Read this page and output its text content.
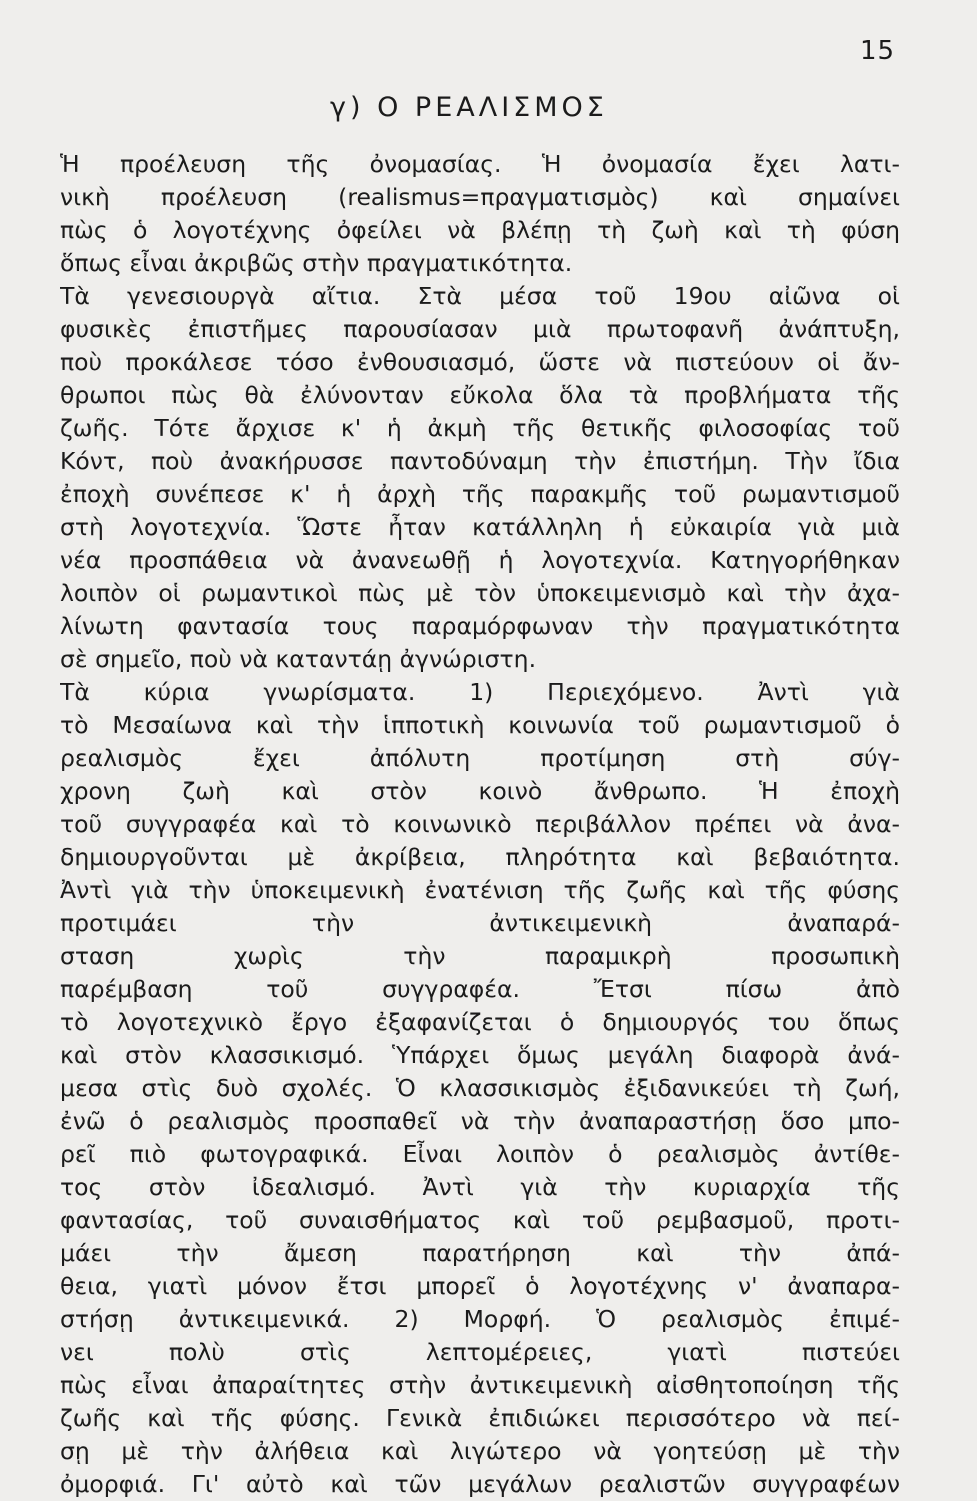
15
γ) Ο ΡΕΑΛΙΣΜΟΣ
Ἡ προέλευση τῆς ὀνομασίας. Ἡ ὀνομασία ἔχει λατι-
νικὴ προέλευση (realismus=πραγματισμὸς) καὶ σημαίνει
πὼς ὁ λογοτέχνης ὀφείλει νὰ βλέπῃ τὴ ζωὴ καὶ τὴ φύση
ὅπως εἶναι ἀκριβῶς στὴν πραγματικότητα.
Τὰ γενεσιουργὰ αἴτια. Στὰ μέσα τοῦ 19ου αἰῶνα οἱ
φυσικὲς ἐπιστῆμες παρουσίασαν μιὰ πρωτοφανῆ ἀνάπτυξη,
ποὺ προκάλεσε τόσο ἐνθουσιασμό, ὥστε νὰ πιστεύουν οἱ ἄν-
θρωποι πὼς θὰ ἐλύνονταν εὔκολα ὅλα τὰ προβλήματα τῆς
ζωῆς. Τότε ἄρχισε κ' ἡ ἀκμὴ τῆς θετικῆς φιλοσοφίας τοῦ
Κόντ, ποὺ ἀνακήρυσσε παντοδύναμη τὴν ἐπιστήμη. Τὴν ἴδια
ἐποχὴ συνέπεσε κ' ἡ ἀρχὴ τῆς παρακμῆς τοῦ ρωμαντισμοῦ
στὴ λογοτεχνία. Ὥστε ἦταν κατάλληλη ἡ εὐκαιρία γιὰ μιὰ
νέα προσπάθεια νὰ ἀνανεωθῇ ἡ λογοτεχνία. Κατηγορήθηκαν
λοιπὸν οἱ ρωμαντικοὶ πὼς μὲ τὸν ὑποκειμενισμὸ καὶ τὴν ἀχα-
λίνωτη φαντασία τους παραμόρφωναν τὴν πραγματικότητα
σὲ σημεῖο, ποὺ νὰ καταντάῃ ἀγνώριστη.
Τὰ κύρια γνωρίσματα. 1) Περιεχόμενο. Ἀντὶ γιὰ
τὸ Μεσαίωνα καὶ τὴν ἱπποτικὴ κοινωνία τοῦ ρωμαντισμοῦ ὁ
ρεαλισμὸς ἔχει ἀπόλυτη προτίμηση στὴ σύγ-
χρονη ζωὴ καὶ στὸν κοινὸ ἄνθρωπο. Ἡ ἐποχὴ
τοῦ συγγραφέα καὶ τὸ κοινωνικὸ περιβάλλον πρέπει νὰ ἀνα-
δημιουργοῦνται μὲ ἀκρίβεια, πληρότητα καὶ βεβαιότητα.
Ἀντὶ γιὰ τὴν ὑποκειμενικὴ ἐνατένιση τῆς ζωῆς καὶ τῆς φύσης
προτιμάει τὴν ἀντικειμενικὴ ἀναπαρά-
σταση χωρὶς τὴν παραμικρὴ προσωπικὴ
παρέμβαση τοῦ συγγραφέα. Ἔτσι πίσω ἀπὸ
τὸ λογοτεχνικὸ ἔργο ἐξαφανίζεται ὁ δημιουργός του ὅπως
καὶ στὸν κλασσικισμό. Ὑπάρχει ὅμως μεγάλη διαφορὰ ἀνά-
μεσα στὶς δυὸ σχολές. Ὁ κλασσικισμὸς ἐξιδανικεύει τὴ ζωή,
ἐνῶ ὁ ρεαλισμὸς προσπαθεῖ νὰ τὴν ἀναπαραστήσῃ ὅσο μπο-
ρεῖ πιὸ φωτογραφικά. Εἶναι λοιπὸν ὁ ρεαλισμὸς ἀντίθε-
τος στὸν ἰδεαλισμό. Ἀντὶ γιὰ τὴν κυριαρχία τῆς
φαντασίας, τοῦ συναισθήματος καὶ τοῦ ρεμβασμοῦ, προτι-
μάει τὴν ἄμεση παρατήρηση καὶ τὴν ἀπά-
θεια, γιατὶ μόνον ἔτσι μπορεῖ ὁ λογοτέχνης ν' ἀναπαρα-
στήσῃ ἀντικειμενικά. 2) Μορφή. Ὁ ρεαλισμὸς ἐπιμέ-
νει πολὺ στὶς λεπτομέρειες, γιατὶ πιστεύει
πὼς εἶναι ἀπαραίτητες στὴν ἀντικειμενικὴ αἰσθητοποίηση τῆς
ζωῆς καὶ τῆς φύσης. Γενικὰ ἐπιδιώκει περισσότερο νὰ πεί-
σῃ μὲ τὴν ἀλήθεια καὶ λιγώτερο νὰ γοητεύσῃ μὲ τὴν
ὀμορφιά. Γι' αὐτὸ καὶ τῶν μεγάλων ρεαλιστῶν συγγραφέων
